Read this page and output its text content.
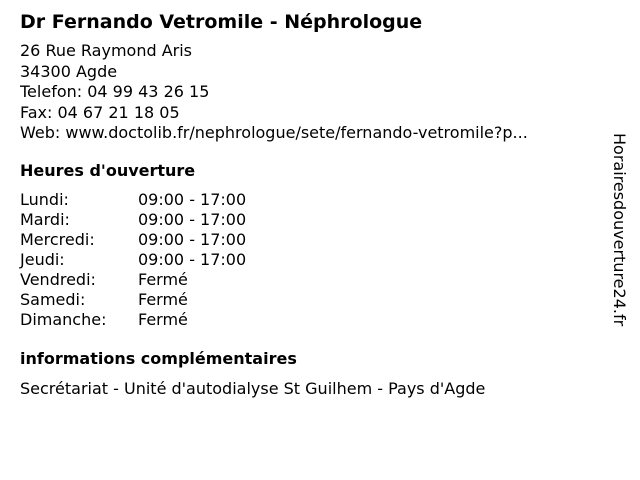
Dr Fernando Vetromile - Néphrologue
26 Rue Raymond Aris
34300 Agde
Telefon: 04 99 43 26 15
Fax: 04 67 21 18 05
Web: www.doctolib.fr/nephrologue/sete/fernando-vetromile?p...
Heures d'ouverture
Lundi:	09:00 - 17:00
Mardi:	09:00 - 17:00
Mercredi:	09:00 - 17:00
Jeudi:	09:00 - 17:00
Vendredi:	Fermé
Samedi:	Fermé
Dimanche:	Fermé
informations complémentaires
Secrétariat - Unité d'autodialyse St Guilhem - Pays d'Agde
Horairesdouverture24.fr
